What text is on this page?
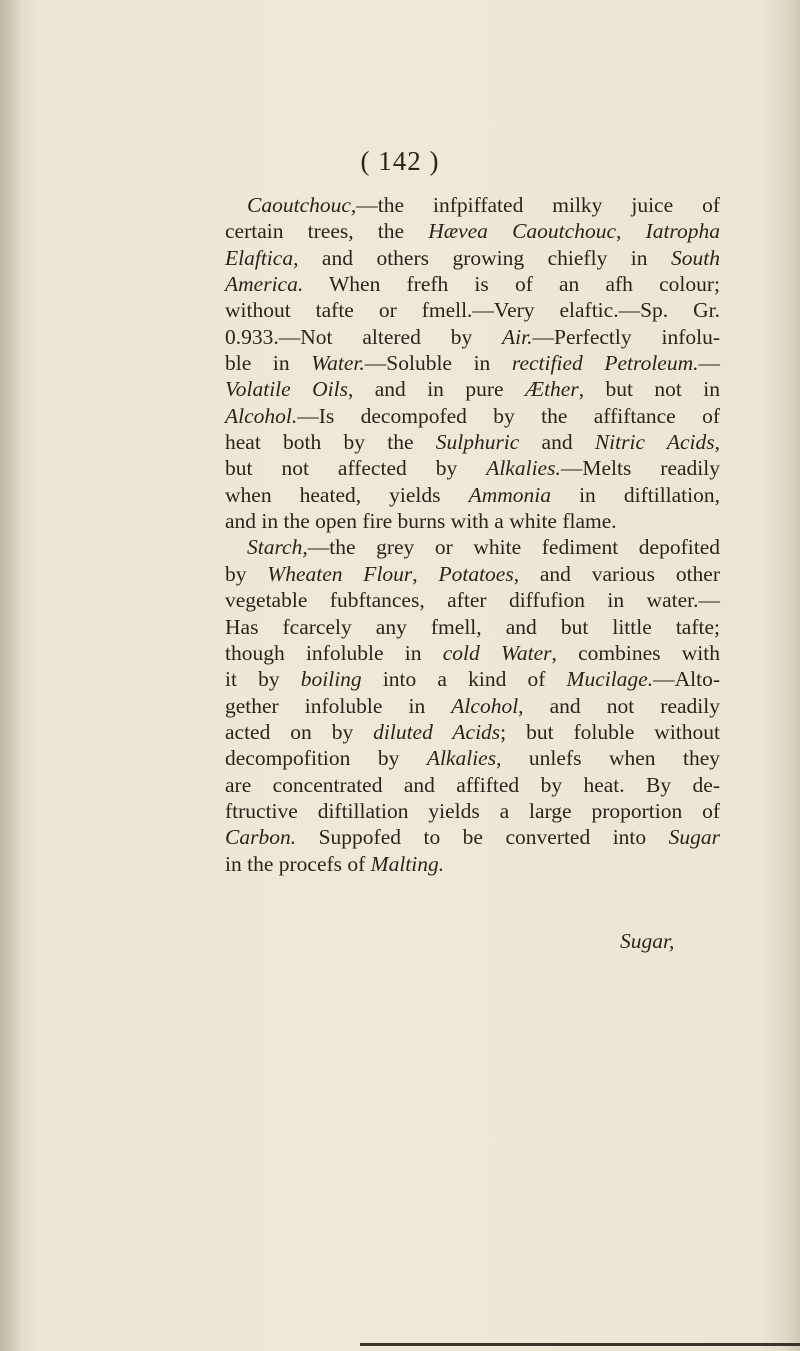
( 142 )
Caoutchouc,—the infpiffated milky juice of
certain trees, the Hævea Caoutchouc, Iatropha
Elaftica, and others growing chiefly in South
America. When frefh is of an afh colour;
without tafte or fmell.—Very elaftic.—Sp. Gr.
0.933.—Not altered by Air.—Perfectly infolu-
ble in Water.—Soluble in rectified Petroleum.—
Volatile Oils, and in pure Æther, but not in
Alcohol.—Is decompofed by the affiftance of
heat both by the Sulphuric and Nitric Acids,
but not affected by Alkalies.—Melts readily
when heated, yields Ammonia in diftillation,
and in the open fire burns with a white flame.
Starch,—the grey or white fediment depofited
by Wheaten Flour, Potatoes, and various other
vegetable fubftances, after diffufion in water.—
Has fcarcely any fmell, and but little tafte;
though infoluble in cold Water, combines with
it by boiling into a kind of Mucilage.—Alto-
gether infoluble in Alcohol, and not readily
acted on by diluted Acids; but foluble without
decompofition by Alkalies, unlefs when they
are concentrated and affifted by heat. By de-
ftructive diftillation yields a large proportion of
Carbon. Suppofed to be converted into Sugar
in the procefs of Malting.
Sugar,
